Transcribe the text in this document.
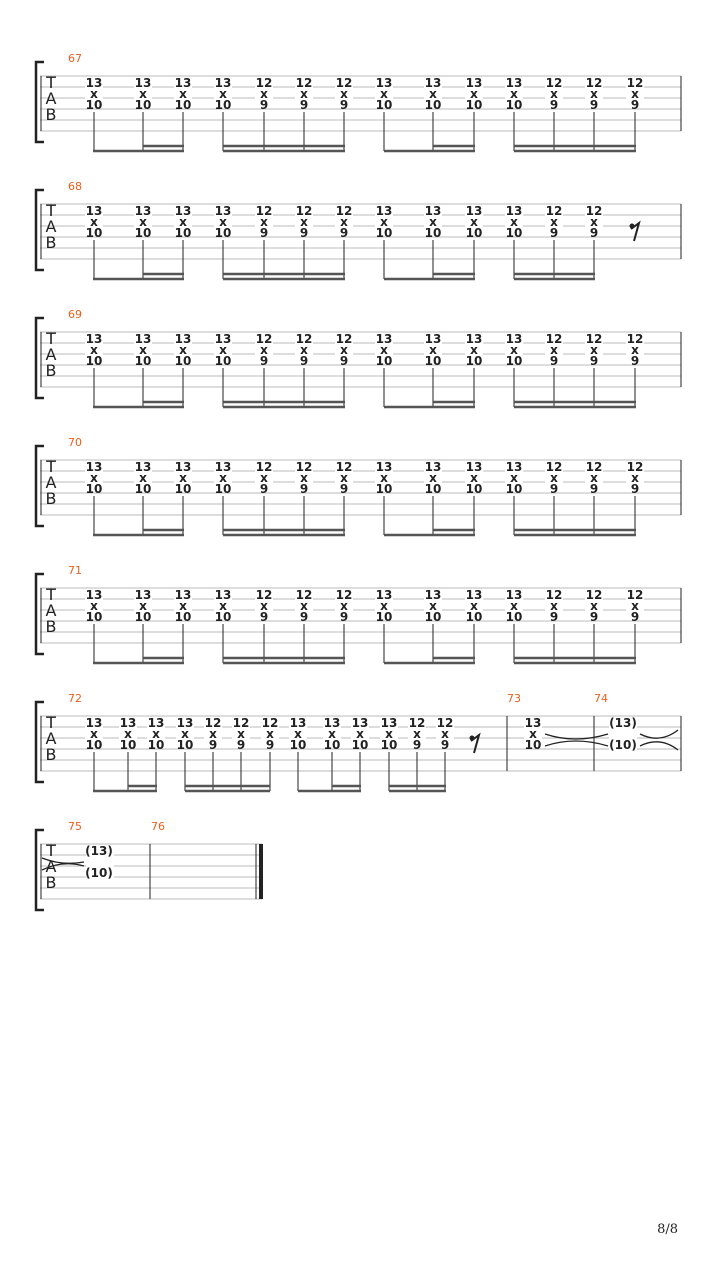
T
A
B
67
13
x
10
13
x
10
13
x
10
13
x
10
12
x
9
12
x
9
12
x
9
13
x
10
13
x
10
13
x
10
13
x
10
12
x
9
12
x
9
12
x
9
T
A
B
68
13
x
10
13
x
10
13
x
10
13
x
10
12
x
9
12
x
9
12
x
9
13
x
10
13
x
10
13
x
10
13
x
10
12
x
9
12
x
9
T
A
B
69
13
x
10
13
x
10
13
x
10
13
x
10
12
x
9
12
x
9
12
x
9
13
x
10
13
x
10
13
x
10
13
x
10
12
x
9
12
x
9
12
x
9
T
A
B
70
13
x
10
13
x
10
13
x
10
13
x
10
12
x
9
12
x
9
12
x
9
13
x
10
13
x
10
13
x
10
13
x
10
12
x
9
12
x
9
12
x
9
T
A
B
71
13
x
10
13
x
10
13
x
10
13
x
10
12
x
9
12
x
9
12
x
9
13
x
10
13
x
10
13
x
10
13
x
10
12
x
9
12
x
9
12
x
9
T
A
B
72
13
x
10
13
x
10
13
x
10
13
x
10
12
x
9
12
x
9
12
x
9
13
x
10
13
x
10
13
x
10
13
x
10
12
x
9
12
x
9
73
13
x
10
74
(13)
(10)
T
A
B
75
(13)
(10)
76
8/8
